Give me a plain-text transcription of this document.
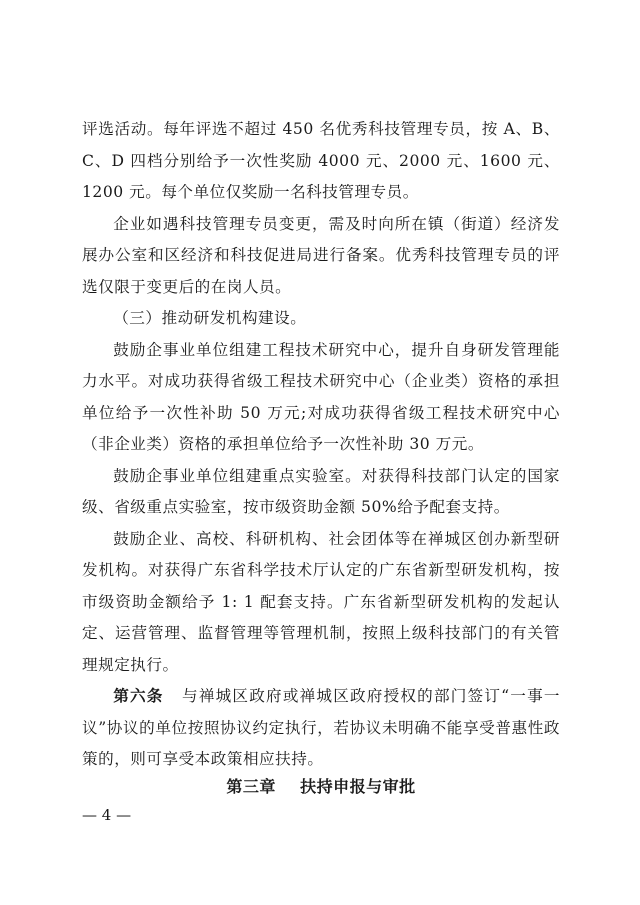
评选活动。每年评选不超过 450 名优秀科技管理专员，按 A、B、C、D 四档分别给予一次性奖励 4000 元、2000 元、1600 元、1200 元。每个单位仅奖励一名科技管理专员。

企业如遇科技管理专员变更，需及时向所在镇（街道）经济发展办公室和区经济和科技促进局进行备案。优秀科技管理专员的评选仅限于变更后的在岗人员。

（三）推动研发机构建设。

鼓励企事业单位组建工程技术研究中心，提升自身研发管理能力水平。对成功获得省级工程技术研究中心（企业类）资格的承担单位给予一次性补助 50 万元;对成功获得省级工程技术研究中心（非企业类）资格的承担单位给予一次性补助 30 万元。

鼓励企事业单位组建重点实验室。对获得科技部门认定的国家级、省级重点实验室，按市级资助金额 50%给予配套支持。

鼓励企业、高校、科研机构、社会团体等在禅城区创办新型研发机构。对获得广东省科学技术厅认定的广东省新型研发机构，按市级资助金额给予 1: 1 配套支持。广东省新型研发机构的发起认定、运营管理、监督管理等管理机制，按照上级科技部门的有关管理规定执行。

第六条   与禅城区政府或禅城区政府授权的部门签订“一事一议”协议的单位按照协议约定执行，若协议未明确不能享受普惠性政策的，则可享受本政策相应扶持。

第三章    扶持申报与审批
— 4 —
